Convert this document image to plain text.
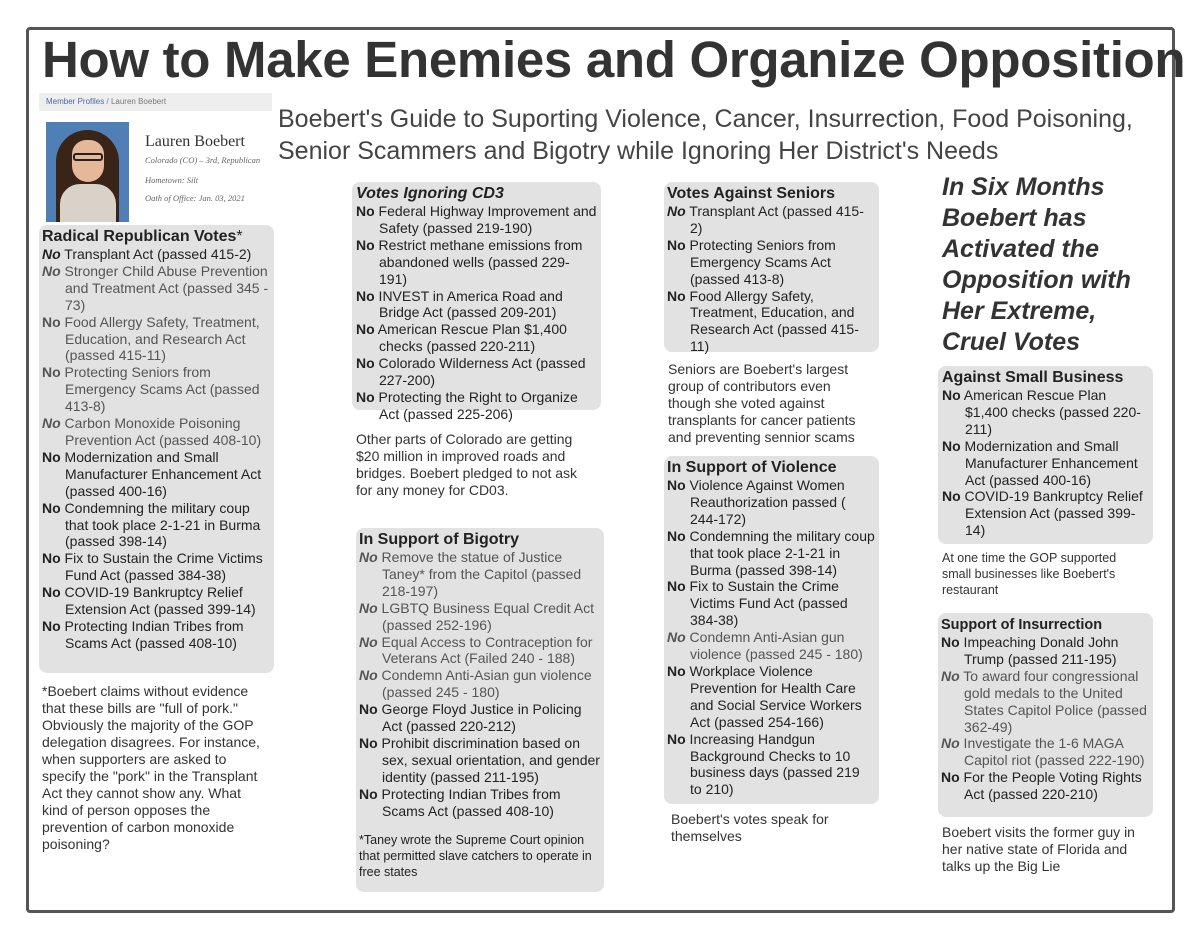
How to Make Enemies and Organize Opposition
Boebert's Guide to Suporting Violence, Cancer, Insurrection, Food Poisoning, Senior Scammers and Bigotry while Ignoring Her District's Needs
Member Profiles / Lauren Boebert
Lauren Boebert
Colorado (CO) – 3rd, Republican
Hometown: Silt
Oath of Office: Jan. 03, 2021
Radical Republican Votes*
No Transplant Act (passed 415-2)
No Stronger Child Abuse Prevention and Treatment Act (passed 345 - 73)
No Food Allergy Safety, Treatment, Education, and Research Act (passed 415-11)
No Protecting Seniors from Emergency Scams Act (passed 413-8)
No Carbon Monoxide Poisoning Prevention Act (passed 408-10)
No Modernization and Small Manufacturer Enhancement Act (passed 400-16)
No Condemning the military coup that took place 2-1-21 in Burma (passed 398-14)
No Fix to Sustain the Crime Victims Fund Act (passed 384-38)
No COVID-19 Bankruptcy Relief Extension Act (passed 399-14)
No Protecting Indian Tribes from Scams Act (passed 408-10)
*Boebert claims without evidence that these bills are "full of pork." Obviously the majority of the GOP delegation disagrees. For instance, when supporters are asked to specify the "pork" in the Transplant Act they cannot show any. What kind of person opposes the prevention of carbon monoxide poisoning?
Votes Ignoring CD3
No Federal Highway Improvement and Safety (passed 219-190)
No Restrict methane emissions from abandoned wells (passed 229-191)
No INVEST in America Road and Bridge Act (passed 209-201)
No American Rescue Plan $1,400 checks (passed 220-211)
No Colorado Wilderness Act (passed 227-200)
No Protecting the Right to Organize Act (passed 225-206)
Other parts of Colorado are getting $20 million in improved roads and bridges. Boebert pledged to not ask for any money for CD03.
In Support of Bigotry
No Remove the statue of Justice Taney* from the Capitol (passed 218-197)
No LGBTQ Business Equal Credit Act (passed 252-196)
No Equal Access to Contraception for Veterans Act (Failed 240 - 188)
No Condemn Anti-Asian gun violence (passed 245 - 180)
No George Floyd Justice in Policing Act (passed 220-212)
No Prohibit discrimination based on sex, sexual orientation, and gender identity (passed 211-195)
No Protecting Indian Tribes from Scams Act (passed 408-10)
*Taney wrote the Supreme Court opinion that permitted slave catchers to operate in free states
Votes Against Seniors
No Transplant Act (passed 415-2)
No Protecting Seniors from Emergency Scams Act (passed 413-8)
No Food Allergy Safety, Treatment, Education, and Research Act (passed 415-11)
Seniors are Boebert's largest group of contributors even though she voted against transplants for cancer patients and preventing sennior scams
In Support of Violence
No Violence Against Women Reauthorization passed ( 244-172)
No Condemning the military coup that took place 2-1-21 in Burma (passed 398-14)
No Fix to Sustain the Crime Victims Fund Act (passed 384-38)
No Condemn Anti-Asian gun violence (passed 245 - 180)
No Workplace Violence Prevention for Health Care and Social Service Workers Act (passed 254-166)
No Increasing Handgun Background Checks to 10 business days (passed 219 to 210)
Boebert's votes speak for themselves
In Six Months Boebert has Activated the Opposition with Her Extreme, Cruel Votes
Against Small Business
No American Rescue Plan $1,400 checks (passed 220-211)
No Modernization and Small Manufacturer Enhancement Act (passed 400-16)
No COVID-19 Bankruptcy Relief Extension Act (passed 399-14)
At one time the GOP supported small businesses like Boebert's restaurant
Support of Insurrection
No Impeaching Donald John Trump (passed 211-195)
No To award four congressional gold medals to the United States Capitol Police (passed 362-49)
No Investigate the 1-6 MAGA Capitol riot (passed 222-190)
No For the People Voting Rights Act (passed 220-210)
Boebert visits the former guy in her native state of Florida and talks up the Big Lie
